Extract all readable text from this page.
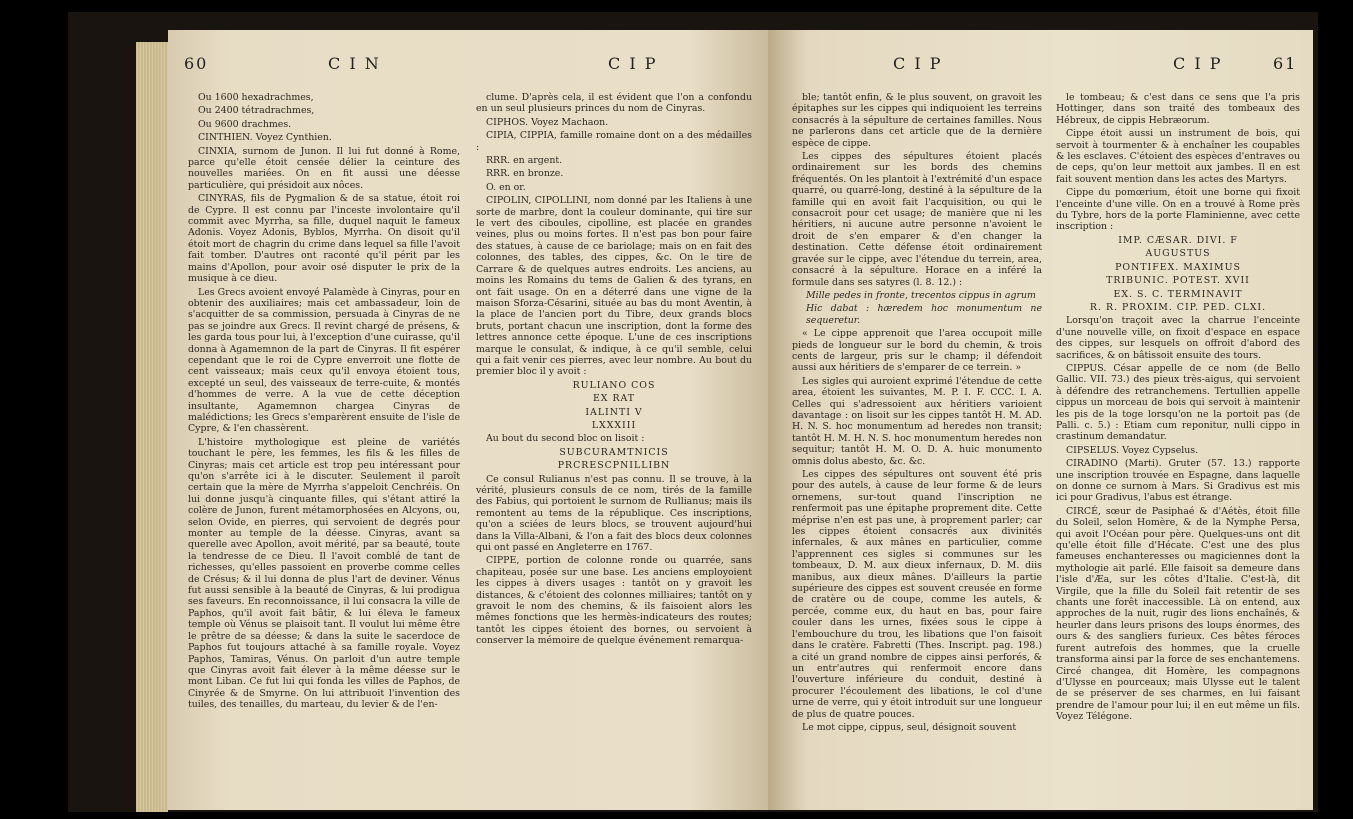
60	C I N	C I P

Ou 1600 hexadrachmes,

Ou 2400 tétradrachmes,

Ou 9600 drachmes.

CINTHIEN. Voyez Cynthien.

CINXIA, surnom de Junon. Il lui fut donné à Rome, parce qu'elle étoit censée délier la ceinture des nouvelles mariées. On en fit aussi une déesse particulière, qui présidoit aux nôces.

CINYRAS, fils de Pygmalion & de sa statue, étoit roi de Cypre. Il est connu par l'inceste involontaire qu'il commit avec Myrrha, sa fille, duquel naquit le fameux Adonis. Voyez Adonis, Byblos, Myrrha. On disoit qu'il étoit mort de chagrin du crime dans lequel sa fille l'avoit fait tomber. D'autres ont raconté qu'il périt par les mains d'Apollon, pour avoir osé disputer le prix de la musique à ce dieu.

Les Grecs avoient envoyé Palamède à Cinyras, pour en obtenir des auxiliaires; mais cet ambassadeur, loin de s'acquitter de sa commission, persuada à Cinyras de ne pas se joindre aux Grecs. Il revint chargé de présens, & les garda tous pour lui, à l'exception d'une cuirasse, qu'il donna à Agamemnon de la part de Cinyras. Il fit espérer cependant que le roi de Cypre enverroit une flotte de cent vaisseaux; mais ceux qu'il envoya étoient tous, excepté un seul, des vaisseaux de terre-cuite, & montés d'hommes de verre. A la vue de cette déception insultante, Agamemnon chargea Cinyras de malédictions; les Grecs s'emparèrent ensuite de l'isle de Cypre, & l'en chassèrent.

L'histoire mythologique est pleine de variétés touchant le père, les femmes, les fils & les filles de Cinyras; mais cet article est trop peu intéressant pour qu'on s'arrête ici à le discuter. Seulement il paroît certain que la mère de Myrrha s'appeloit Cenchréis. On lui donne jusqu'à cinquante filles, qui s'étant attiré la colère de Junon, furent métamorphosées en Alcyons, ou, selon Ovide, en pierres, qui servoient de degrés pour monter au temple de la déesse. Cinyras, avant sa querelle avec Apollon, avoit mérité, par sa beauté, toute la tendresse de ce Dieu. Il l'avoit comblé de tant de richesses, qu'elles passoient en proverbe comme celles de Crésus; & il lui donna de plus l'art de deviner. Vénus fut aussi sensible à la beauté de Cinyras, & lui prodigua ses faveurs. En reconnoissance, il lui consacra la ville de Paphos, qu'il avoit fait bâtir, & lui éleva le fameux temple où Vénus se plaisoit tant. Il voulut lui même être le prêtre de sa déesse; & dans la suite le sacerdoce de Paphos fut toujours attaché à sa famille royale. Voyez Paphos, Tamiras, Vénus. On parloit d'un autre temple que Cinyras avoit fait élever à la même déesse sur le mont Liban. Ce fut lui qui fonda les villes de Paphos, de Cinyrée & de Smyrne. On lui attribuoit l'invention des tuiles, des tenailles, du marteau, du levier & de l'en-

clume. D'après cela, il est évident que l'on a confondu en un seul plusieurs princes du nom de Cinyras.

CIPHOS. Voyez Machaon.

CIPIA, CIPPIA, famille romaine dont on a des médailles :

RRR. en argent.

RRR. en bronze.

O. en or.

CIPOLIN, CIPOLLINI, nom donné par les Italiens à une sorte de marbre, dont la couleur dominante, qui tire sur le vert des ciboules, cipolline, est placée en grandes veines, plus ou moins fortes. Il n'est pas bon pour faire des statues, à cause de ce bariolage; mais on en fait des colonnes, des tables, des cippes, &c. On le tire de Carrare & de quelques autres endroits. Les anciens, au moins les Romains du tems de Galien & des tyrans, en ont fait usage. On en a déterré dans une vigne de la maison Sforza-Césarini, située au bas du mont Aventin, à la place de l'ancien port du Tibre, deux grands blocs bruts, portant chacun une inscription, dont la forme des lettres annonce cette époque. L'une de ces inscriptions marque le consulat, & indique, à ce qu'il semble, celui qui a fait venir ces pierres, avec leur nombre. Au bout du premier bloc il y avoit :

RULIANO COS

EX RAT

IALINTI V

LXXXIII

Au bout du second bloc on lisoit :

SUBCURAMTNICIS

PRCRESCPNILLIBN

Ce consul Rulianus n'est pas connu. Il se trouve, à la vérité, plusieurs consuls de ce nom, tirés de la famille des Fabius, qui portoient le surnom de Rullianus; mais ils remontent au tems de la république. Ces inscriptions, qu'on a sciées de leurs blocs, se trouvent aujourd'hui dans la Villa-Albani, & l'on a fait des blocs deux colonnes qui ont passé en Angleterre en 1767.

CIPPE, portion de colonne ronde ou quarrée, sans chapiteau, posée sur une base. Les anciens employoient les cippes à divers usages : tantôt on y gravoit les distances, & c'étoient des colonnes milliaires; tantôt on y gravoit le nom des chemins, & ils faisoient alors les mêmes fonctions que les hermès-indicateurs des routes; tantôt les cippes étoient des bornes, ou servoient à conserver la mémoire de quelque événement remarqua-

C I P	C I P	61

ble; tantôt enfin, & le plus souvent, on gravoit les épitaphes sur les cippes qui indiquoient les terreins consacrés à la sépulture de certaines familles. Nous ne parlerons dans cet article que de la dernière espèce de cippe.

Les cippes des sépultures étoient placés ordinairement sur les bords des chemins fréquentés. On les plantoit à l'extrémité d'un espace quarré, ou quarré-long, destiné à la sépulture de la famille qui en avoit fait l'acquisition, ou qui le consacroit pour cet usage; de manière que ni les héritiers, ni aucune autre personne n'avoient le droit de s'en emparer & d'en changer la destination. Cette défense étoit ordinairement gravée sur le cippe, avec l'étendue du terrein, area, consacré à la sépulture. Horace en a inféré la formule dans ses satyres (l. 8. 12.) :

Mille pedes in fronte, trecentos cippus in agrum

Hic dabat : hæredem hoc monumentum ne sequeretur.

« Le cippe apprenoit que l'area occupoit mille pieds de longueur sur le bord du chemin, & trois cents de largeur, pris sur le champ; il défendoit aussi aux héritiers de s'emparer de ce terrein. »

Les sigles qui auroient exprimé l'étendue de cette area, étoient les suivantes, M. P. I. F. CCC. I. A. Celles qui s'adressoient aux héritiers varioient davantage : on lisoit sur les cippes tantôt H. M. AD. H. N. S. hoc monumentum ad heredes non transit; tantôt H. M. H. N. S. hoc monumentum heredes non sequitur; tantôt H. M. O. D. A. huic monumento omnis dolus abesto, &c. &c.

Les cippes des sépultures ont souvent été pris pour des autels, à cause de leur forme & de leurs ornemens, sur-tout quand l'inscription ne renfermoit pas une épitaphe proprement dite. Cette méprise n'en est pas une, à proprement parler; car les cippes étoient consacrés aux divinités infernales, & aux mânes en particulier, comme l'apprennent ces sigles si communes sur les tombeaux, D. M. aux dieux infernaux, D. M. diis manibus, aux dieux mânes. D'ailleurs la partie supérieure des cippes est souvent creusée en forme de cratère ou de coupe, comme les autels, & percée, comme eux, du haut en bas, pour faire couler dans les urnes, fixées sous le cippe à l'embouchure du trou, les libations que l'on faisoit dans le cratère. Fabretti (Thes. Inscript. pag. 198.) a cité un grand nombre de cippes ainsi perforés, & un entr'autres qui renfermoit encore dans l'ouverture inférieure du conduit, destiné à procurer l'écoulement des libations, le col d'une urne de verre, qui y étoit introduit sur une longueur de plus de quatre pouces.

Le mot cippe, cippus, seul, désignoit souvent

le tombeau; & c'est dans ce sens que l'a pris Hottinger, dans son traité des tombeaux des Hébreux, de cippis Hebræorum.

Cippe étoit aussi un instrument de bois, qui servoit à tourmenter & à enchaîner les coupables & les esclaves. C'étoient des espèces d'entraves ou de ceps, qu'on leur mettoit aux jambes. Il en est fait souvent mention dans les actes des Martyrs.

Cippe du pomœrium, étoit une borne qui fixoit l'enceinte d'une ville. On en a trouvé à Rome près du Tybre, hors de la porte Flaminienne, avec cette inscription :

IMP. CÆSAR. DIVI. F

AUGUSTUS

PONTIFEX. MAXIMUS

TRIBUNIC. POTEST. XVII

EX. S. C. TERMINAVIT

R. R. PROXIM. CIP. PED. CLXI.

Lorsqu'on traçoit avec la charrue l'enceinte d'une nouvelle ville, on fixoit d'espace en espace des cippes, sur lesquels on offroit d'abord des sacrifices, & on bâtissoit ensuite des tours.

CIPPUS. César appelle de ce nom (de Bello Gallic. VII. 73.) des pieux très-aigus, qui servoient à défendre des retranchemens. Tertullien appelle cippus un morceau de bois qui servoit à maintenir les pis de la toge lorsqu'on ne la portoit pas (de Palli. c. 5.) : Etiam cum reponitur, nulli cippo in crastinum demandatur.

CIPSELUS. Voyez Cypselus.

CIRADINO (Marti). Gruter (57. 13.) rapporte une inscription trouvée en Espagne, dans laquelle on donne ce surnom à Mars. Si Gradivus est mis ici pour Gradivus, l'abus est étrange.

CIRCÉ, sœur de Pasiphaé & d'Aétès, étoit fille du Soleil, selon Homère, & de la Nymphe Persa, qui avoit l'Océan pour père. Quelques-uns ont dit qu'elle étoit fille d'Hécate. C'est une des plus fameuses enchanteresses ou magiciennes dont la mythologie ait parlé. Elle faisoit sa demeure dans l'isle d'Æa, sur les côtes d'Italie. C'est-là, dit Virgile, que la fille du Soleil fait retentir de ses chants une forêt inaccessible. Là on entend, aux approches de la nuit, rugir des lions enchaînés, & heurler dans leurs prisons des loups énormes, des ours & des sangliers furieux. Ces bêtes féroces furent autrefois des hommes, que la cruelle transforma ainsi par la force de ses enchantemens. Circé changea, dit Homère, les compagnons d'Ulysse en pourceaux; mais Ulysse eut le talent de se préserver de ses charmes, en lui faisant prendre de l'amour pour lui; il en eut même un fils. Voyez Télégone.
